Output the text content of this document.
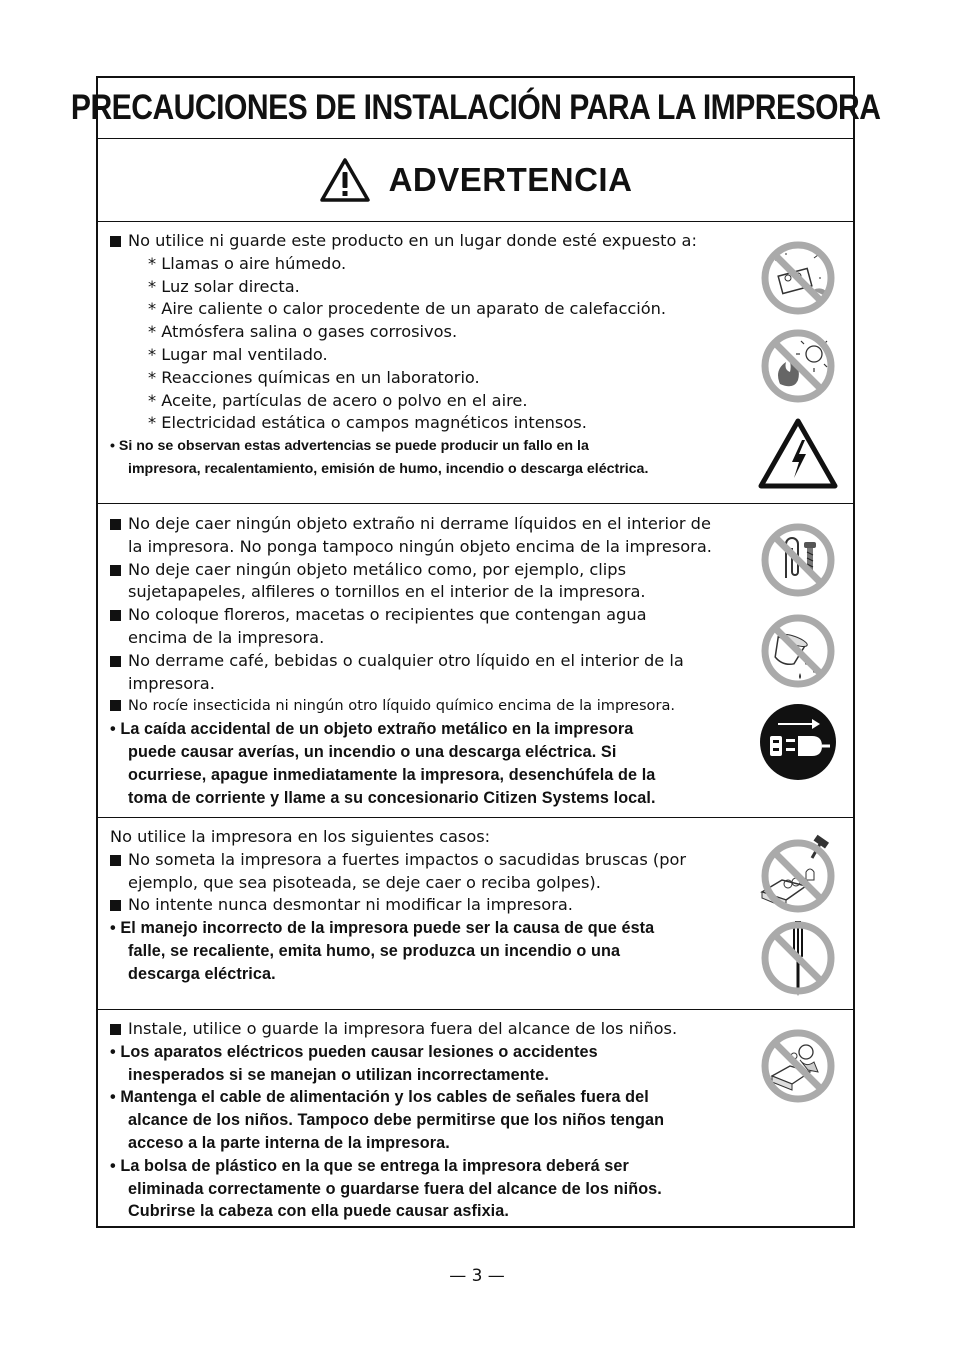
PRECAUCIONES DE INSTALACIÓN PARA LA IMPRESORA
ADVERTENCIA
No utilice ni guarde este producto en un lugar donde esté expuesto a:
* Llamas o aire húmedo.
* Luz solar directa.
* Aire caliente o calor procedente de un aparato de calefacción.
* Atmósfera salina o gases corrosivos.
* Lugar mal ventilado.
* Reacciones químicas en un laboratorio.
* Aceite, partículas de acero o polvo en el aire.
* Electricidad estática o campos magnéticos intensos.
• Si no se observan estas advertencias se puede producir un fallo en la
impresora, recalentamiento, emisión de humo, incendio o descarga eléctrica.
No deje caer ningún objeto extraño ni derrame líquidos en el interior de
la impresora. No ponga tampoco ningún objeto encima de la impresora.
No deje caer ningún objeto metálico como, por ejemplo, clips
sujetapapeles, alfileres o tornillos en el interior de la impresora.
No coloque floreros, macetas o recipientes que contengan agua
encima de la impresora.
No derrame café, bebidas o cualquier otro líquido en el interior de la
impresora.
No rocíe insecticida ni ningún otro líquido químico encima de la impresora.
• La caída accidental de un objeto extraño metálico en la impresora
puede causar averías, un incendio o una descarga eléctrica. Si
ocurriese, apague inmediatamente la impresora, desenchúfela de la
toma de corriente y llame a su concesionario Citizen Systems local.
No utilice la impresora en los siguientes casos:
No someta la impresora a fuertes impactos o sacudidas bruscas (por
ejemplo, que sea pisoteada, se deje caer o reciba golpes).
No intente nunca desmontar ni modificar la impresora.
• El manejo incorrecto de la impresora puede ser la causa de que ésta
falle, se recaliente, emita humo, se produzca un incendio o una
descarga eléctrica.
Instale, utilice o guarde la impresora fuera del alcance de los niños.
• Los aparatos eléctricos pueden causar lesiones o accidentes
inesperados si se manejan o utilizan incorrectamente.
• Mantenga el cable de alimentación y los cables de señales fuera del
alcance de los niños. Tampoco debe permitirse que los niños tengan
acceso a la parte interna de la impresora.
• La bolsa de plástico en la que se entrega la impresora deberá ser
eliminada correctamente o guardarse fuera del alcance de los niños.
Cubrirse la cabeza con ella puede causar asfixia.
— 3 —
